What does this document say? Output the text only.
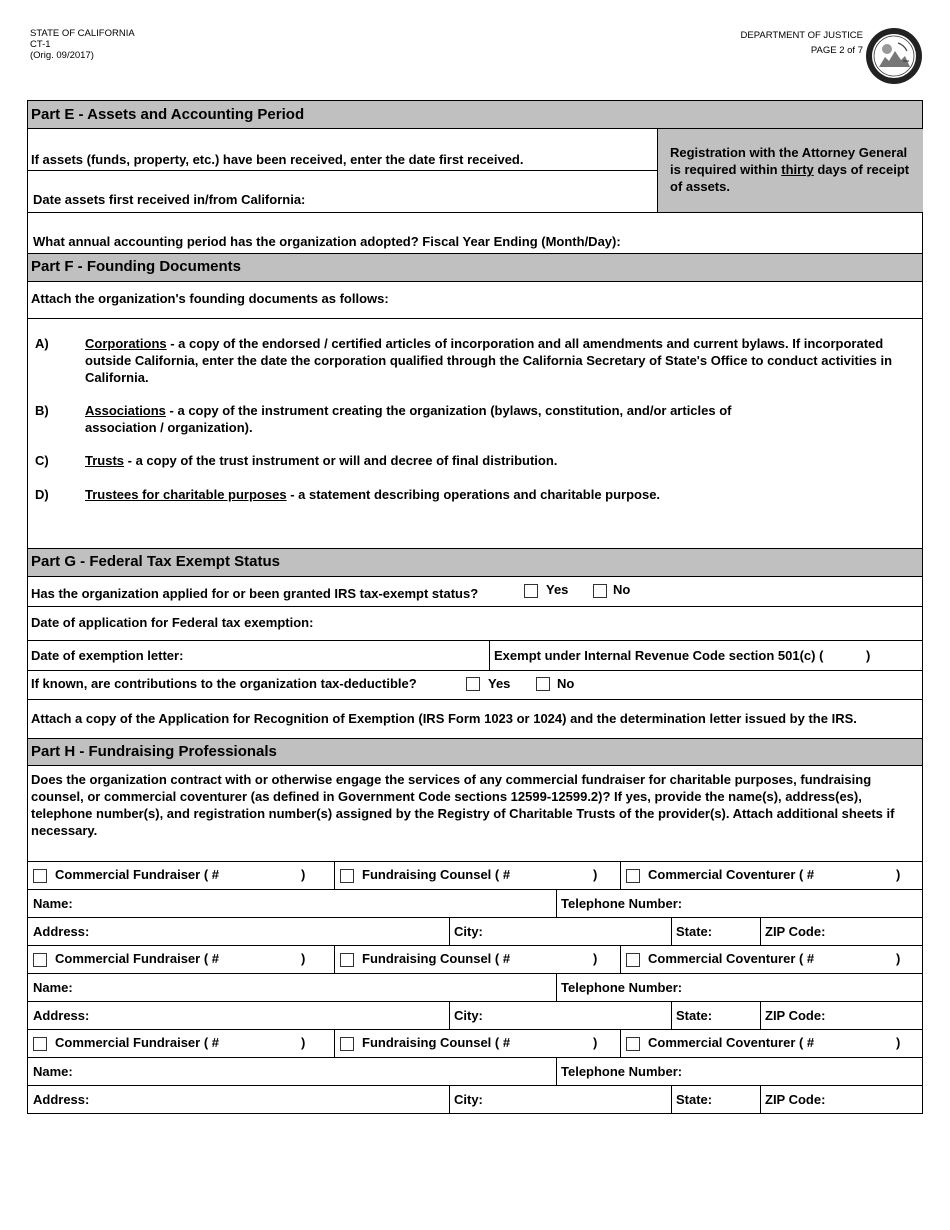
STATE OF CALIFORNIA
CT-1
(Orig. 09/2017)
DEPARTMENT OF JUSTICE
PAGE 2 of 7
Part E - Assets and Accounting Period
If assets (funds, property, etc.) have been received, enter the date first received.
Date assets first received in/from California:
Registration with the Attorney General is required within thirty days of receipt of assets.
What annual accounting period has the organization adopted? Fiscal Year Ending (Month/Day):
Part F - Founding Documents
Attach the organization's founding documents as follows:
A)	Corporations - a copy of the endorsed / certified articles of incorporation and all amendments and current bylaws. If incorporated outside California, enter the date the corporation qualified through the California Secretary of State's Office to conduct activities in California.
B)	Associations - a copy of the instrument creating the organization (bylaws, constitution, and/or articles of association / organization).
C)	Trusts - a copy of the trust instrument or will and decree of final distribution.
D)	Trustees for charitable purposes - a statement describing operations and charitable purpose.
Part G - Federal Tax Exempt Status
Has the organization applied for or been granted IRS tax-exempt status?	Yes	No
Date of application for Federal tax exemption:
Date of exemption letter:	Exempt under Internal Revenue Code section 501(c) (	)
If known, are contributions to the organization tax-deductible?	Yes	No
Attach a copy of the Application for Recognition of Exemption (IRS Form 1023 or 1024) and the determination letter issued by the IRS.
Part H - Fundraising Professionals
Does the organization contract with or otherwise engage the services of any commercial fundraiser for charitable purposes, fundraising counsel, or commercial coventurer (as defined in Government Code sections 12599-12599.2)? If yes, provide the name(s), address(es), telephone number(s), and registration number(s) assigned by the Registry of Charitable Trusts of the provider(s). Attach additional sheets if necessary.
Commercial Fundraiser ( #	)	Fundraising Counsel ( #	)	Commercial Coventurer ( #	)
Name:	Telephone Number:
Address:	City:	State:	ZIP Code:
Commercial Fundraiser ( #	)	Fundraising Counsel ( #	)	Commercial Coventurer ( #	)
Name:	Telephone Number:
Address:	City:	State:	ZIP Code:
Commercial Fundraiser ( #	)	Fundraising Counsel ( #	)	Commercial Coventurer ( #	)
Name:	Telephone Number:
Address:	City:	State:	ZIP Code:
